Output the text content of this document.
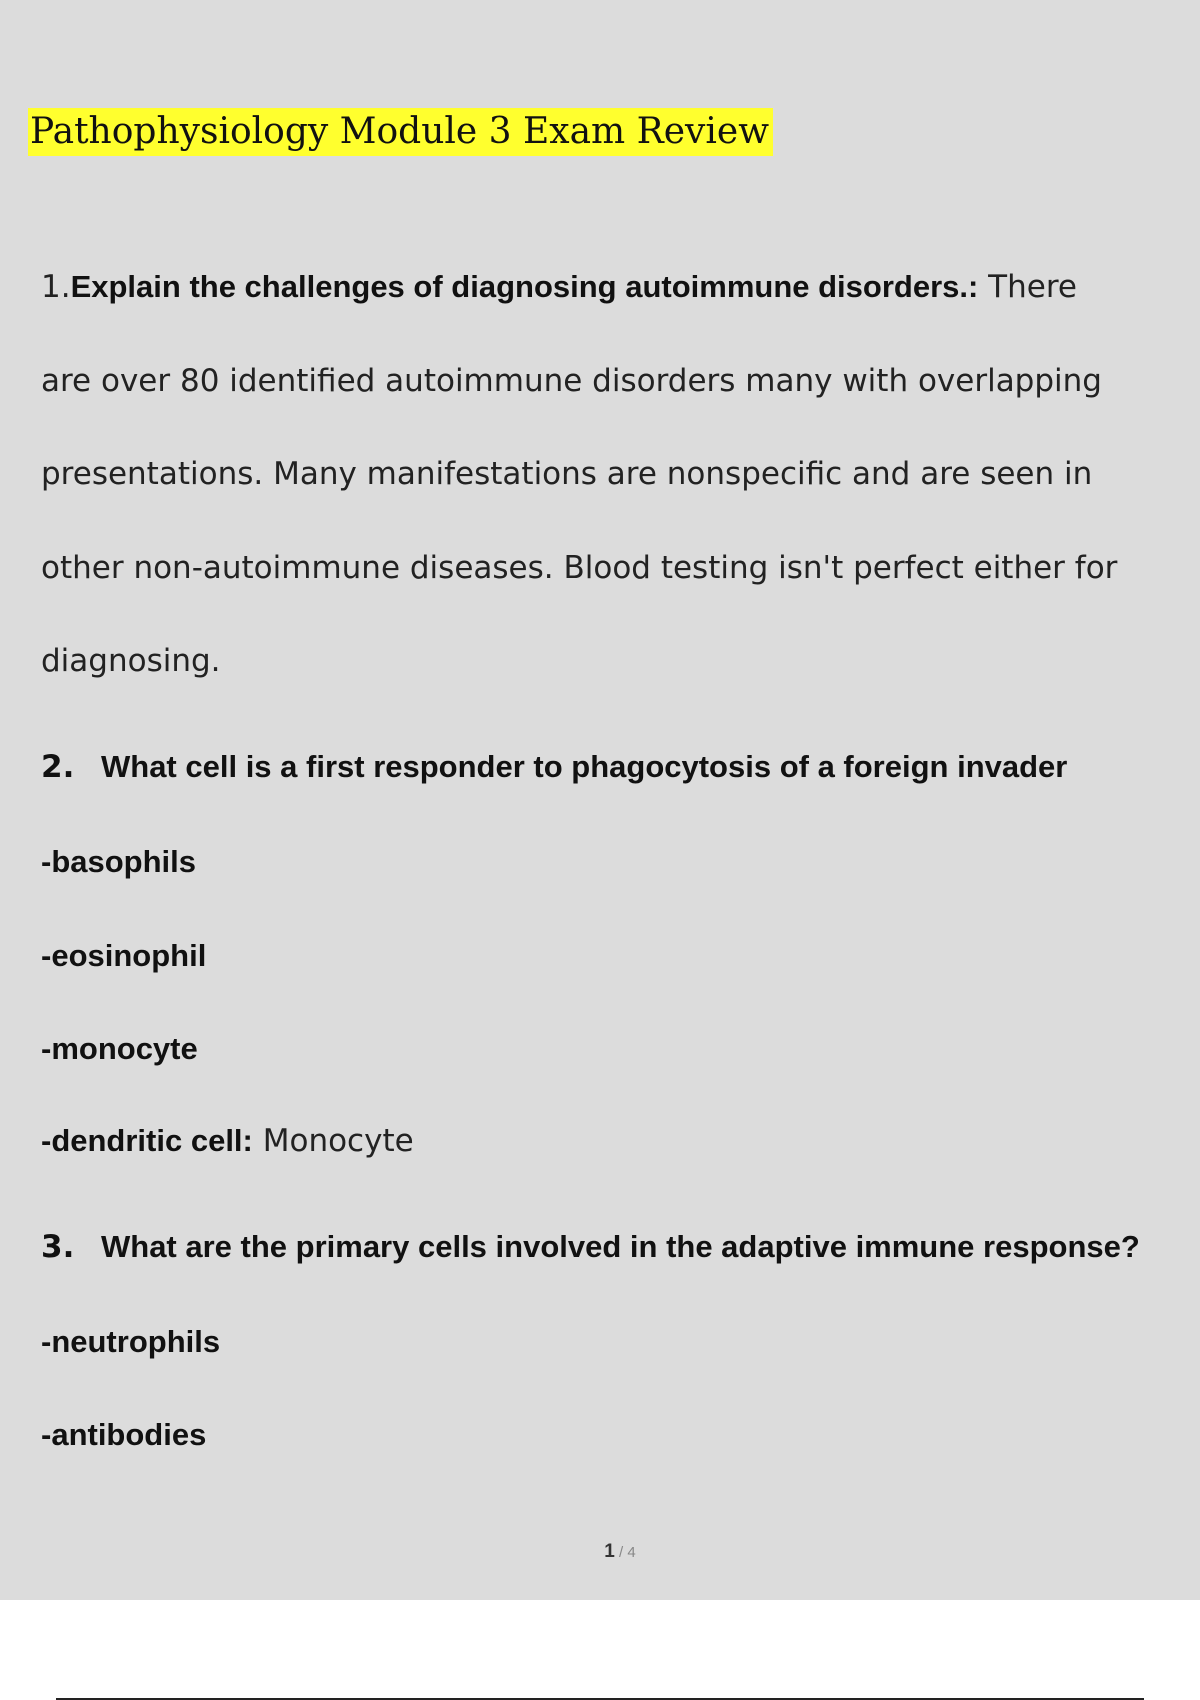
Pathophysiology Module 3 Exam Review
1.Explain the challenges of diagnosing autoimmune disorders.: There
are over 80 identified autoimmune disorders many with overlapping
presentations. Many manifestations are nonspecific and are seen in
other non-autoimmune diseases. Blood testing isn't perfect either for
diagnosing.
2. What cell is a first responder to phagocytosis of a foreign invader
-basophils
-eosinophil
-monocyte
-dendritic cell: Monocyte
3. What are the primary cells involved in the adaptive immune response?
-neutrophils
-antibodies
1 / 4
